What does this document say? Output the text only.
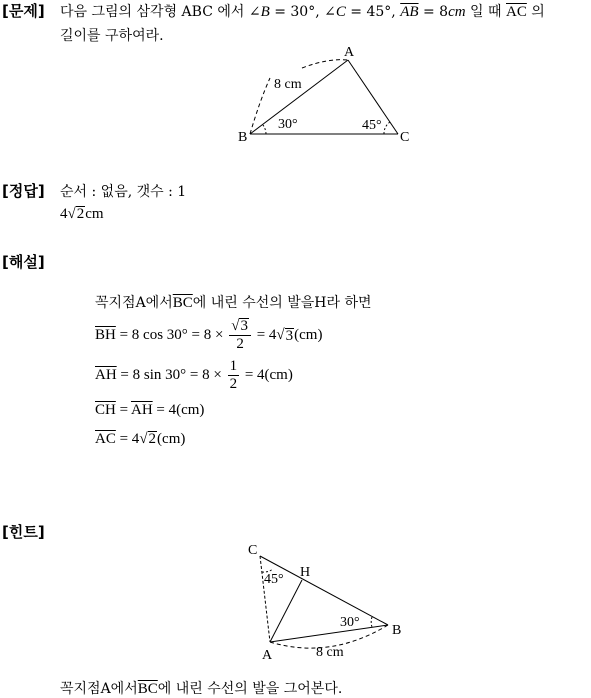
[문제] 다음 그림의 삼각형 ABC 에서 ∠B = 30°, ∠C = 45°, $\overline{AB} = 8cm$ 일 때 $\overline{AC}$ 의
길이를 구하여라.
A
B	C
8 cm
30°	45°
[정답] 순서 : 없음, 갯수 : 1
4√2cm
[해설]
꼭지점A에서$\overline{BC}$에 내린 수선의 발을H라 하면
$\overline{BH} = 8$ $\cos 30^\circ = 8 \times \frac{√3}{2} = 4$ √ 3 (cm)
$\overline{AH} = 8$ $\sin 30^\circ = 8 \times \frac{1}{2} = 4(cm)$
$\overline{CH} = \overline{AH} = 4(cm)$
$\overline{AC} = 4√2(cm)$
[힌트]
C
H
B
A
45°
30°
8 cm
꼭지점A에서$\overline{BC}$에 내린 수선의 발을 그어본다.
